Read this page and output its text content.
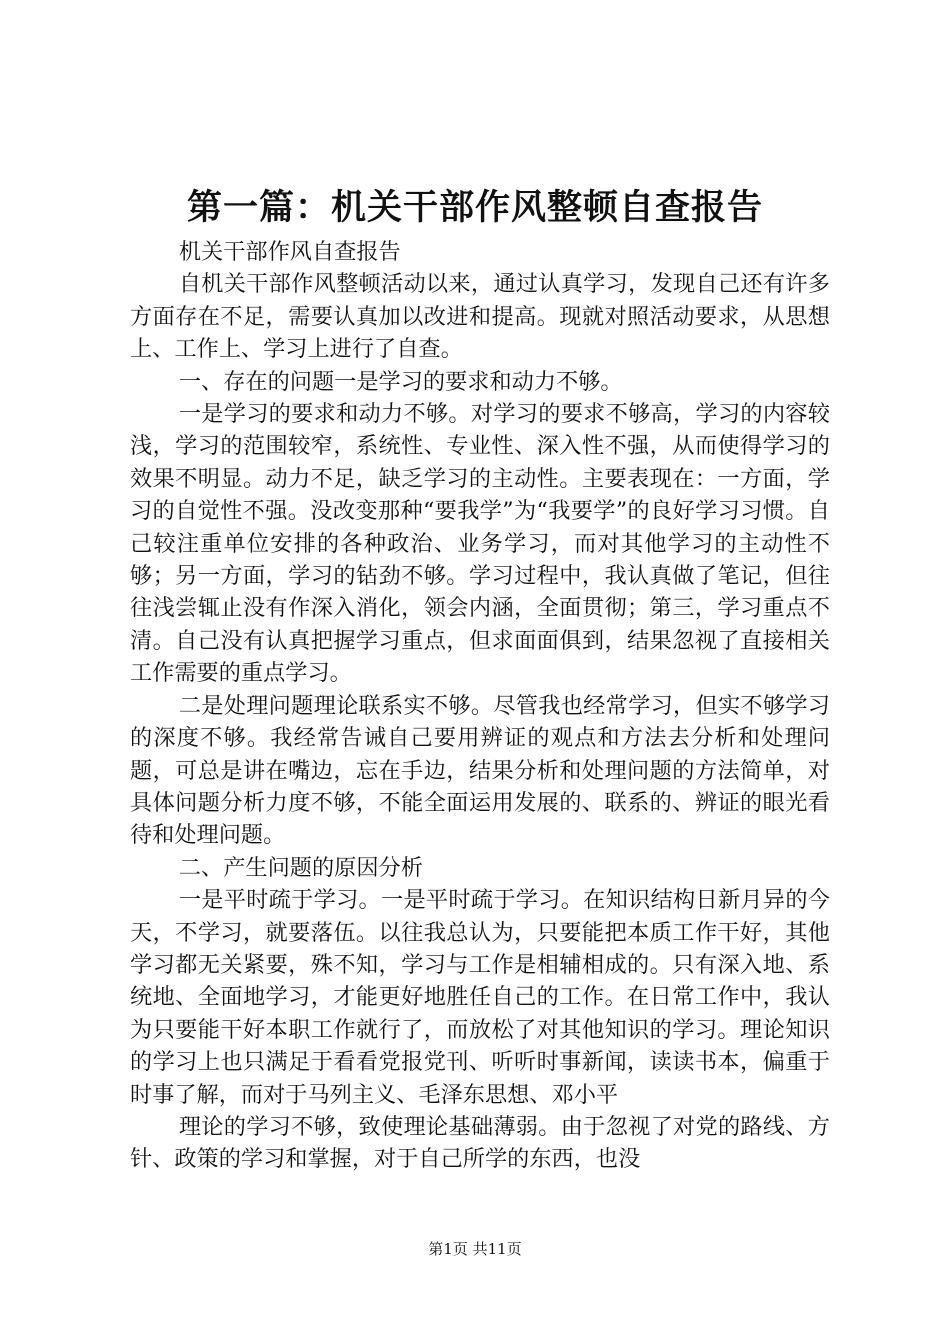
第一篇：机关干部作风整顿自查报告

机关干部作风自查报告

自机关干部作风整顿活动以来，通过认真学习，发现自己还有许多方面存在不足，需要认真加以改进和提高。现就对照活动要求，从思想上、工作上、学习上进行了自查。

一、存在的问题一是学习的要求和动力不够。

一是学习的要求和动力不够。对学习的要求不够高，学习的内容较浅，学习的范围较窄，系统性、专业性、深入性不强，从而使得学习的效果不明显。动力不足，缺乏学习的主动性。主要表现在：一方面，学习的自觉性不强。没改变那种“要我学”为“我要学”的良好学习习惯。自己较注重单位安排的各种政治、业务学习，而对其他学习的主动性不够；另一方面，学习的钻劲不够。学习过程中，我认真做了笔记，但往往浅尝辄止没有作深入消化，领会内涵，全面贯彻；第三，学习重点不清。自己没有认真把握学习重点，但求面面俱到，结果忽视了直接相关工作需要的重点学习。

二是处理问题理论联系实不够。尽管我也经常学习，但实不够学习的深度不够。我经常告诫自己要用辨证的观点和方法去分析和处理问题，可总是讲在嘴边，忘在手边，结果分析和处理问题的方法简单，对具体问题分析力度不够，不能全面运用发展的、联系的、辨证的眼光看待和处理问题。

二、产生问题的原因分析

一是平时疏于学习。一是平时疏于学习。在知识结构日新月异的今天，不学习，就要落伍。以往我总认为，只要能把本质工作干好，其他学习都无关紧要，殊不知，学习与工作是相辅相成的。只有深入地、系统地、全面地学习，才能更好地胜任自己的工作。在日常工作中，我认为只要能干好本职工作就行了，而放松了对其他知识的学习。理论知识的学习上也只满足于看看党报党刊、听听时事新闻，读读书本，偏重于时事了解，而对于马列主义、毛泽东思想、邓小平

理论的学习不够，致使理论基础薄弱。由于忽视了对党的路线、方针、政策的学习和掌握，对于自己所学的东西，也没

第1页 共11页
